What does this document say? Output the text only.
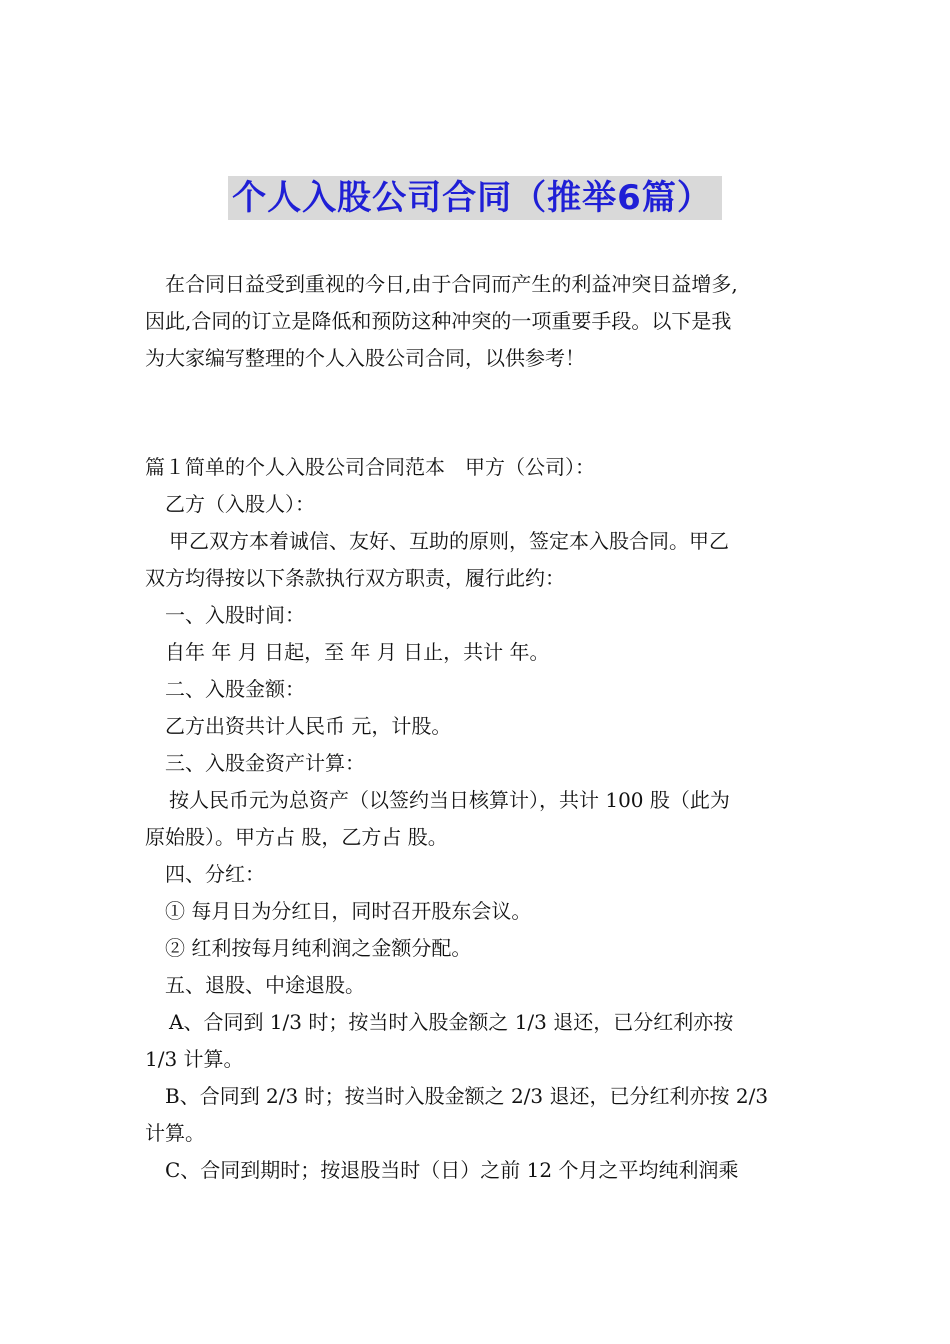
个人入股公司合同（推举6篇）
在合同日益受到重视的今日,由于合同而产生的利益冲突日益增多,
因此,合同的订立是降低和预防这种冲突的一项重要手段。以下是我
为大家编写整理的个人入股公司合同，以供参考！
篇１简单的个人入股公司合同范本　甲方（公司）：
乙方（入股人）：
甲乙双方本着诚信、友好、互助的原则，签定本入股合同。甲乙
双方均得按以下条款执行双方职责，履行此约：
一、入股时间：
自年 年 月 日起，至 年 月 日止，共计 年。
二、入股金额：
乙方出资共计人民币 元，计股。
三、入股金资产计算：
按人民币元为总资产（以签约当日核算计），共计 100 股（此为
原始股）。甲方占 股，乙方占 股。
四、分红：
① 每月日为分红日，同时召开股东会议。
② 红利按每月纯利润之金额分配。
五、退股、中途退股。
A、合同到 1/3 时；按当时入股金额之 1/3 退还，已分红利亦按
1/3 计算。
B、合同到 2/3 时；按当时入股金额之 2/3 退还，已分红利亦按 2/3
计算。
C、合同到期时；按退股当时（日）之前 12 个月之平均纯利润乘
